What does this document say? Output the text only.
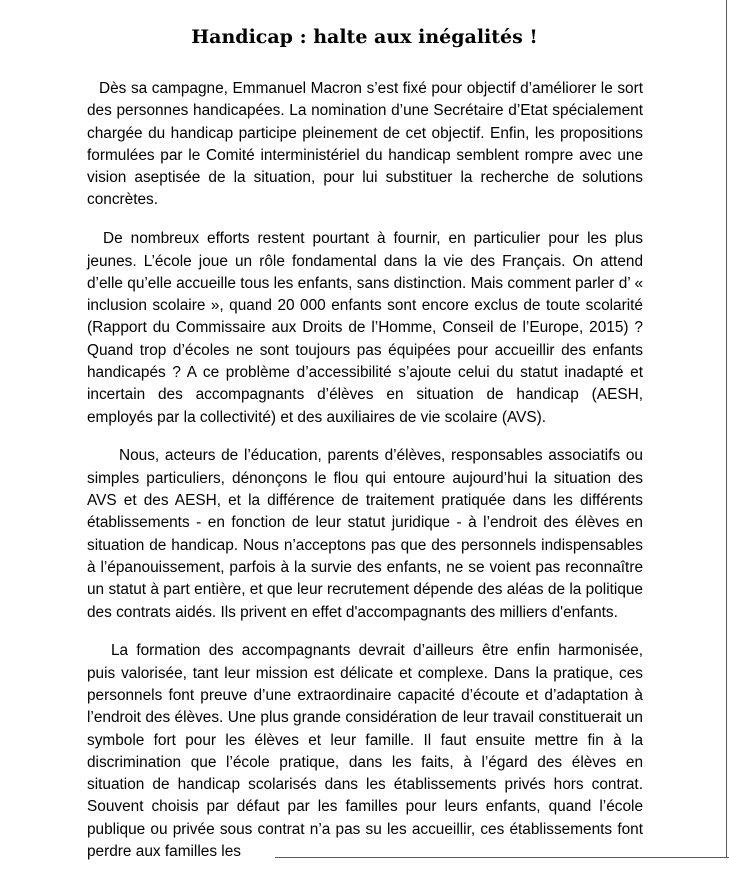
Handicap : halte aux inégalités !

Dès sa campagne, Emmanuel Macron s’est fixé pour objectif d’améliorer le sort des personnes handicapées. La nomination d’une Secrétaire d’Etat spécialement chargée du handicap participe pleinement de cet objectif. Enfin, les propositions formulées par le Comité interministériel du handicap semblent rompre avec une vision aseptisée de la situation, pour lui substituer la recherche de solutions concrètes.

De nombreux efforts restent pourtant à fournir, en particulier pour les plus jeunes. L’école joue un rôle fondamental dans la vie des Français. On attend d’elle qu’elle accueille tous les enfants, sans distinction. Mais comment parler d’ « inclusion scolaire », quand 20 000 enfants sont encore exclus de toute scolarité (Rapport du Commissaire aux Droits de l’Homme, Conseil de l’Europe, 2015) ? Quand trop d’écoles ne sont toujours pas équipées pour accueillir des enfants handicapés ? A ce problème d’accessibilité s’ajoute celui du statut inadapté et incertain des accompagnants d’élèves en situation de handicap (AESH, employés par la collectivité) et des auxiliaires de vie scolaire (AVS).

Nous, acteurs de l’éducation, parents d’élèves, responsables associatifs ou simples particuliers, dénonçons le flou qui entoure aujourd’hui la situation des AVS et des AESH, et la différence de traitement pratiquée dans les différents établissements - en fonction de leur statut juridique - à l’endroit des élèves en situation de handicap. Nous n’acceptons pas que des personnels indispensables à l’épanouissement, parfois à la survie des enfants, ne se voient pas reconnaître un statut à part entière, et que leur recrutement dépende des aléas de la politique des contrats aidés. Ils privent en effet d'accompagnants des milliers d'enfants.

La formation des accompagnants devrait d’ailleurs être enfin harmonisée, puis valorisée, tant leur mission est délicate et complexe. Dans la pratique, ces personnels font preuve d’une extraordinaire capacité d’écoute et d’adaptation à l’endroit des élèves. Une plus grande considération de leur travail constituerait un symbole fort pour les élèves et leur famille. Il faut ensuite mettre fin à la discrimination que l’école pratique, dans les faits, à l’égard des élèves en situation de handicap scolarisés dans les établissements privés hors contrat. Souvent choisis par défaut par les familles pour leurs enfants, quand l’école publique ou privée sous contrat n’a pas su les accueillir, ces établissements font perdre aux familles les
